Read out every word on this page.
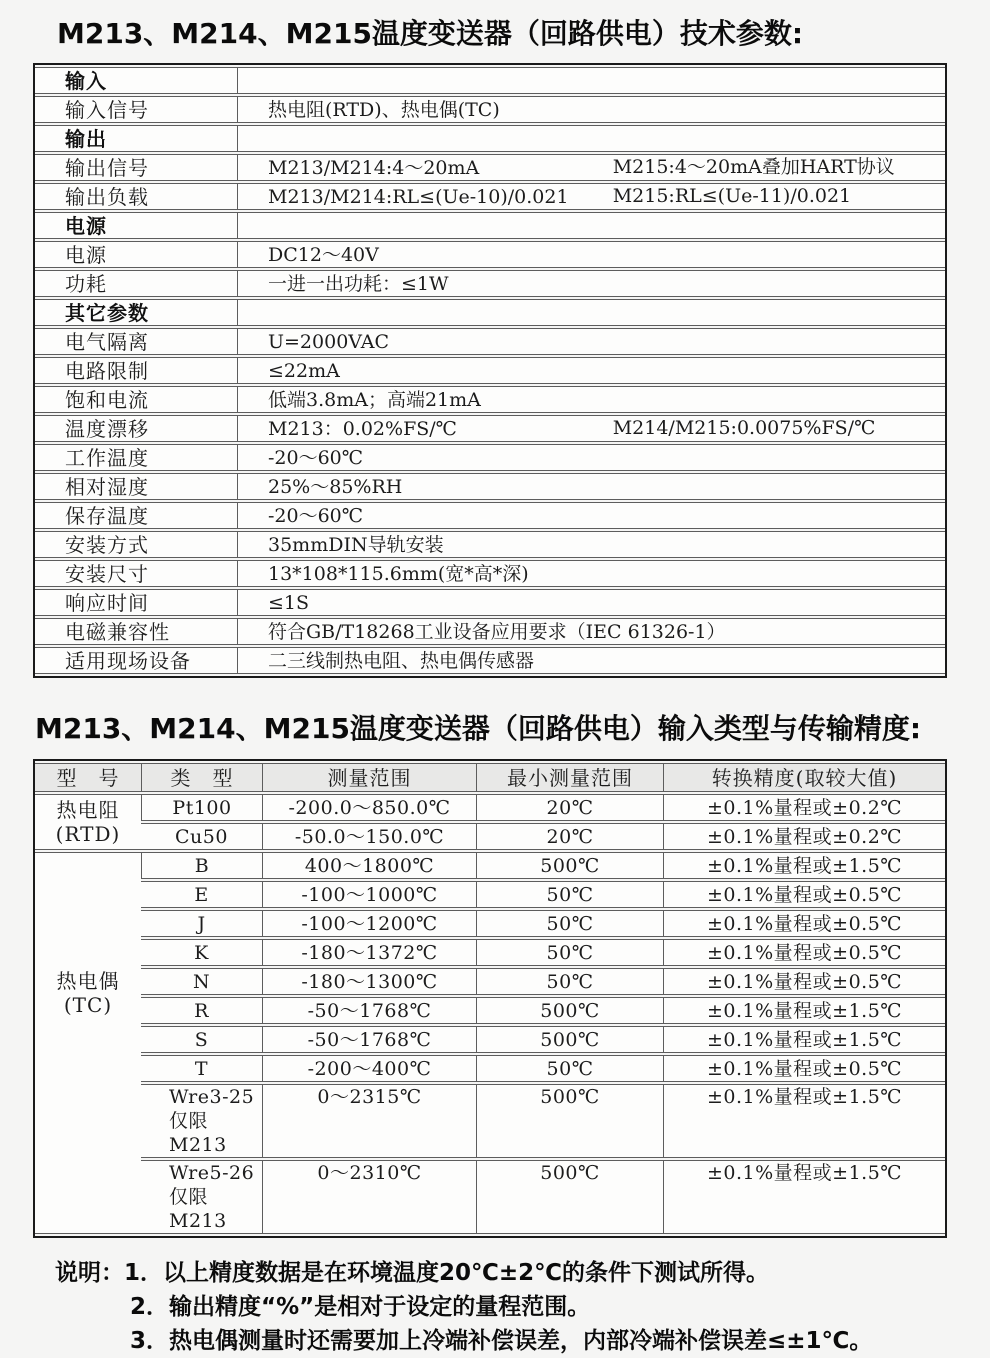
M213、M214、M215温度变送器（回路供电）技术参数:
输入	
输入信号	热电阻(RTD)、热电偶(TC)
输出	
输出信号	M213/M214:4～20mA M215:4～20mA叠加HART协议

输出负载	M213/M214:RL≤(Ue-10)/0.021 M215:RL≤(Ue-11)/0.021

电源	
电源	DC12～40V
功耗	一进一出功耗：≤1W
其它参数	
电气隔离	U=2000VAC
电路限制	≤22mA
饱和电流	低端3.8mA；高端21mA
温度漂移	M213：0.02%FS/℃ M214/M215:0.0075%FS/℃

工作温度	-20～60℃
相对湿度	25%～85%RH
保存温度	-20～60℃
安装方式	35mmDIN导轨安装
安装尺寸	13*108*115.6mm(宽*高*深)
响应时间	≤1S
电磁兼容性	符合GB/T18268工业设备应用要求（IEC 61326-1）
适用现场设备	二三线制热电阻、热电偶传感器
M213、M214、M215温度变送器（回路供电）输入类型与传输精度:
型　号	类　型	测量范围	最小测量范围	转换精度(取较大值)

热电阻
(RTD)	Pt100	-200.0～850.0℃	20℃	±0.1%量程或±0.2℃

	Cu50	-50.0～150.0℃	20℃	±0.1%量程或±0.2℃

热电偶
(TC)	B	400～1800℃	500℃	±0.1%量程或±1.5℃

	E	-100～1000℃	50℃	±0.1%量程或±0.5℃

	J	-100～1200℃	50℃	±0.1%量程或±0.5℃

	K	-180～1372℃	50℃	±0.1%量程或±0.5℃

	N	-180～1300℃	50℃	±0.1%量程或±0.5℃

	R	-50～1768℃	500℃	±0.1%量程或±1.5℃

	S	-50～1768℃	500℃	±0.1%量程或±1.5℃

	T	-200～400℃	50℃	±0.1%量程或±0.5℃

	Wre3-25
仅限M213	0～2315℃	500℃	±0.1%量程或±1.5℃

	Wre5-26
仅限M213	0～2310℃	500℃	±0.1%量程或±1.5℃
说明：1．以上精度数据是在环境温度20℃±2℃的条件下测试所得。
2．输出精度“%”是相对于设定的量程范围。
3．热电偶测量时还需要加上冷端补偿误差，内部冷端补偿误差≤±1℃。
